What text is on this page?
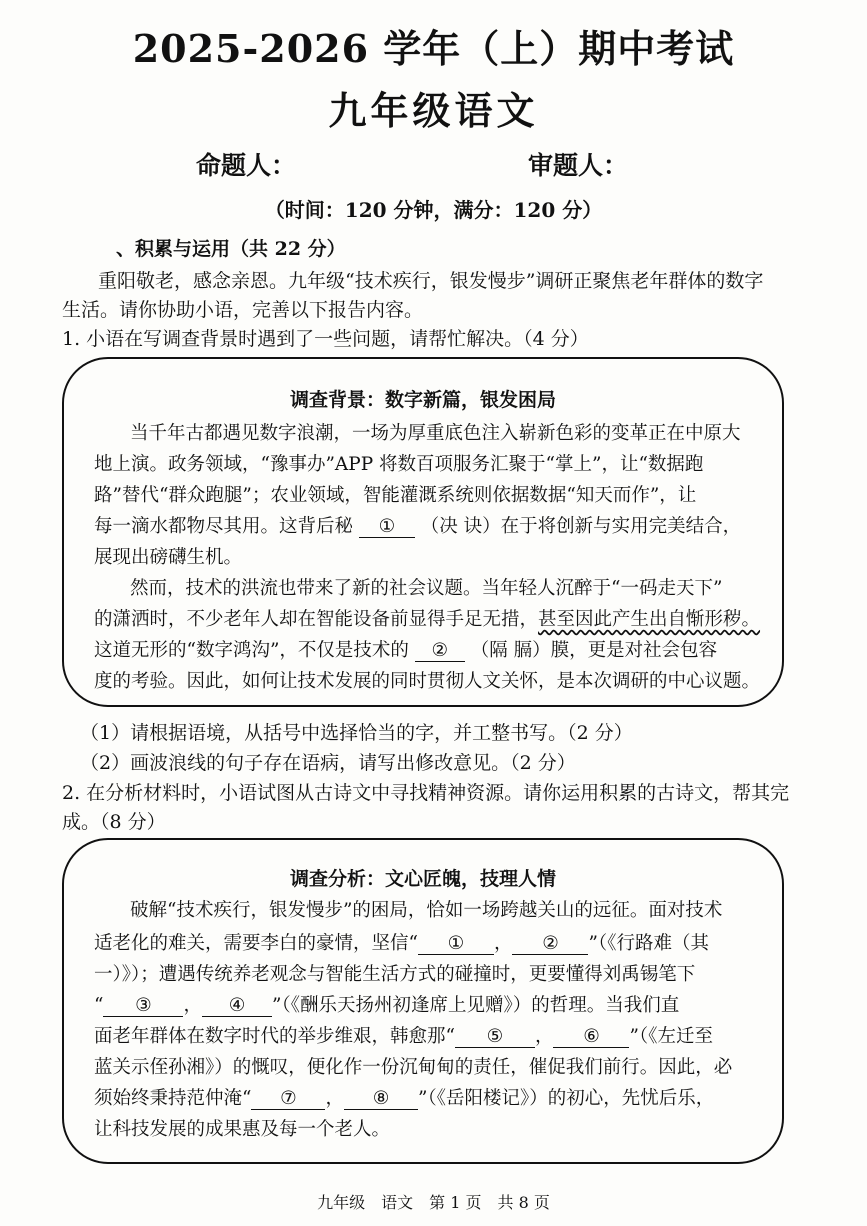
2025-2026 学年（上）期中考试
九年级语文
命题人：	审题人：
（时间：120 分钟，满分：120 分）
、积累与运用（共 22 分）
重阳敬老，感念亲恩。九年级“技术疾行，银发慢步”调研正聚焦老年群体的数字
生活。请你协助小语，完善以下报告内容。
1. 小语在写调查背景时遇到了一些问题，请帮忙解决。（4 分）
调查背景：数字新篇，银发困局
当千年古都遇见数字浪潮，一场为厚重底色注入崭新色彩的变革正在中原大
地上演。政务领域，“豫事办”APP 将数百项服务汇聚于“掌上”，让“数据跑
路”替代“群众跑腿”；农业领域，智能灌溉系统则依据数据“知天而作”，让
每一滴水都物尽其用。这背后秘 ① （决 诀）在于将创新与实用完美结合，
展现出磅礴生机。
然而，技术的洪流也带来了新的社会议题。当年轻人沉醉于“一码走天下”
的潇洒时，不少老年人却在智能设备前显得手足无措，甚至因此产生出自惭形秽。
这道无形的“数字鸿沟”，不仅是技术的 ② （隔 膈）膜，更是对社会包容
度的考验。因此，如何让技术发展的同时贯彻人文关怀，是本次调研的中心议题。
（1）请根据语境，从括号中选择恰当的字，并工整书写。（2 分）
（2）画波浪线的句子存在语病，请写出修改意见。（2 分）
2. 在分析材料时，小语试图从古诗文中寻找精神资源。请你运用积累的古诗文，帮其完
成。（8 分）
调查分析：文心匠魄，技理人情
破解“技术疾行，银发慢步”的困局，恰如一场跨越关山的远征。面对技术
适老化的难关，需要李白的豪情，坚信“ ① ， ② ”（《行路难（其
一）》）；遭遇传统养老观念与智能生活方式的碰撞时，更要懂得刘禹锡笔下
“ ③ ， ④ ”（《酬乐天扬州初逢席上见赠》）的哲理。当我们直
面老年群体在数字时代的举步维艰，韩愈那“ ⑤ ， ⑥ ”（《左迁至
蓝关示侄孙湘》）的慨叹，便化作一份沉甸甸的责任，催促我们前行。因此，必
须始终秉持范仲淹“ ⑦ ， ⑧ ”（《岳阳楼记》）的初心，先忧后乐，
让科技发展的成果惠及每一个老人。
九年级　语文　第 1 页　共 8 页
